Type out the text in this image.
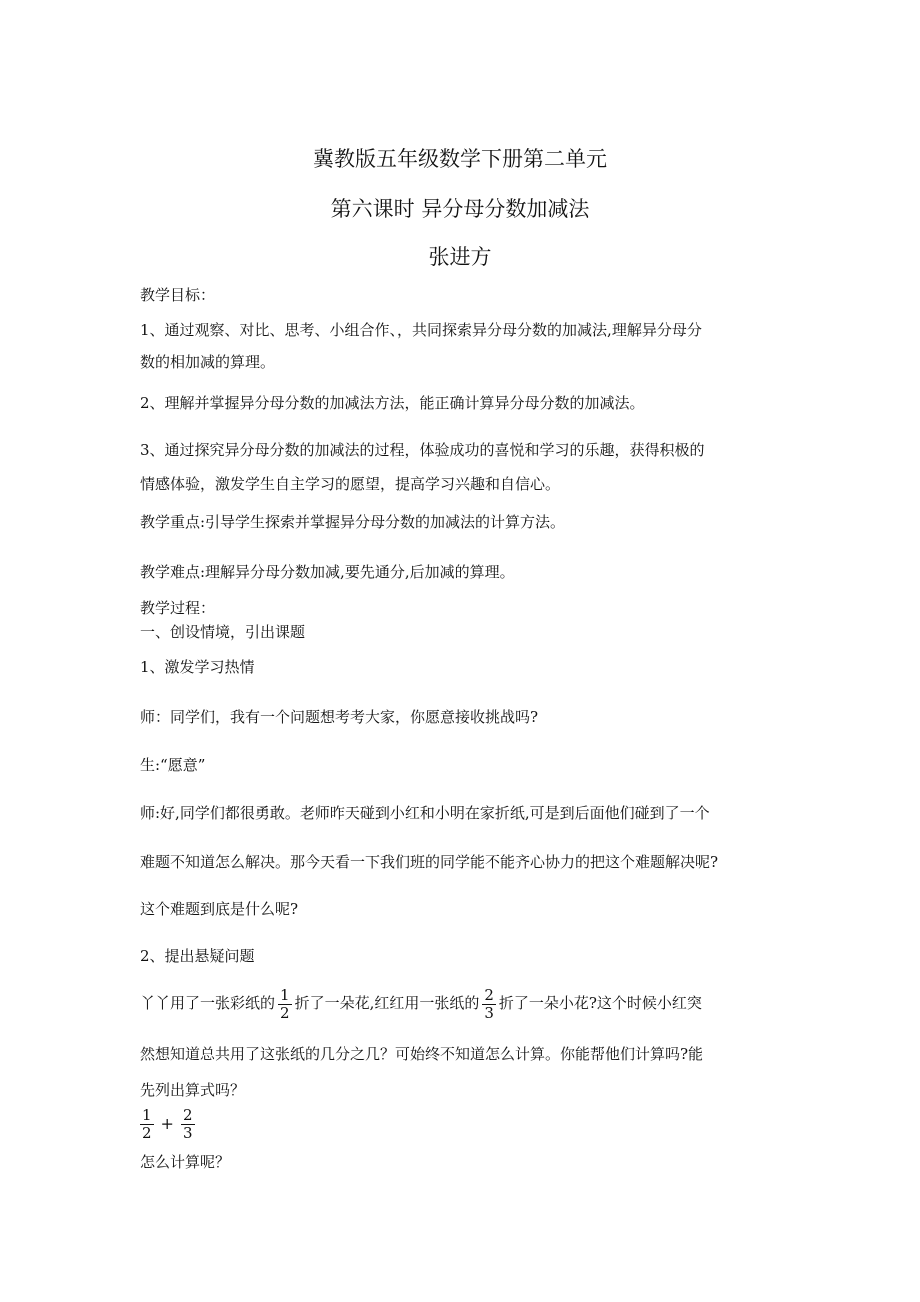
冀教版五年级数学下册第二单元
第六课时 异分母分数加减法
张进方
教学目标：
1、通过观察、对比、思考、小组合作、，共同探索异分母分数的加减法,理解异分母分
数的相加减的算理。
2、理解并掌握异分母分数的加减法方法，能正确计算异分母分数的加减法。
3、通过探究异分母分数的加减法的过程，体验成功的喜悦和学习的乐趣，获得积极的
情感体验，激发学生自主学习的愿望，提高学习兴趣和自信心。
教学重点:引导学生探索并掌握异分母分数的加减法的计算方法。
教学难点:理解异分母分数加减,要先通分,后加减的算理。
教学过程：
一、创设情境，引出课题
1、激发学习热情
师：同学们，我有一个问题想考考大家，你愿意接收挑战吗?
生:“愿意”
师:好,同学们都很勇敢。老师昨天碰到小红和小明在家折纸,可是到后面他们碰到了一个
难题不知道怎么解决。那今天看一下我们班的同学能不能齐心协力的把这个难题解决呢?
这个难题到底是什么呢?
2、提出悬疑问题
丫丫用了一张彩纸的 $\frac{1}{2}$ 折了一朵花,红红用一张纸的 $\frac{2}{3}$ 折了一朵小花?这个时候小红突
然想知道总共用了这张纸的几分之几？可始终不知道怎么计算。你能帮他们计算吗?能
先列出算式吗？
$\frac{1}{2} + \frac{2}{3}$
怎么计算呢？
